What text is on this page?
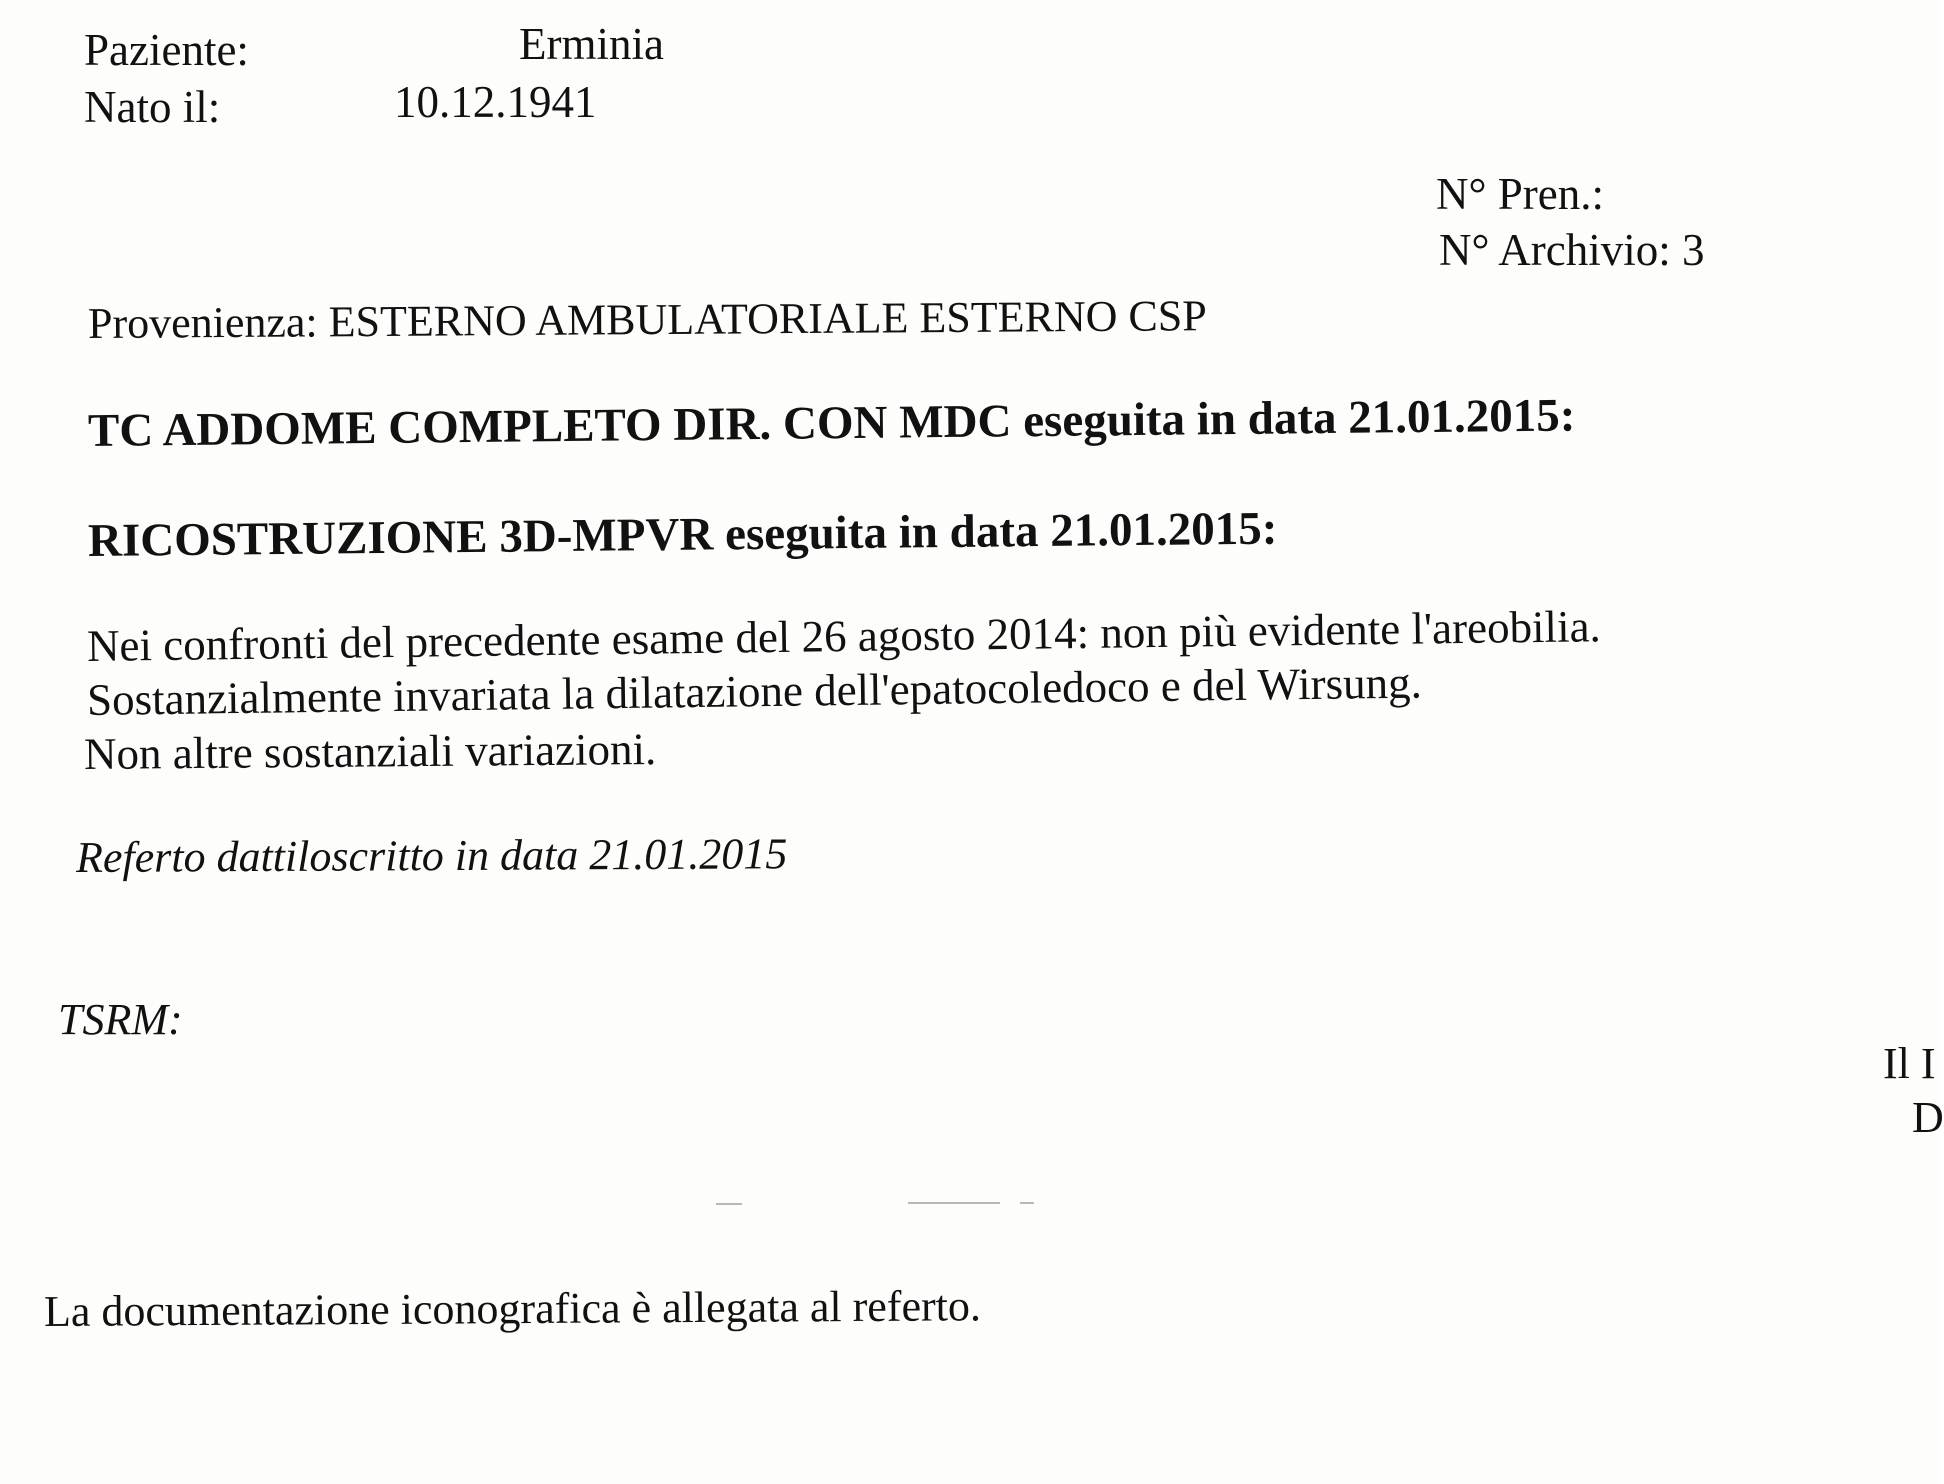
Paziente:	Erminia
Nato il:	10.12.1941
N° Pren.:
N° Archivio: 3
Provenienza: ESTERNO AMBULATORIALE ESTERNO CSP
TC ADDOME COMPLETO DIR. CON MDC eseguita in data 21.01.2015:
RICOSTRUZIONE 3D-MPVR eseguita in data 21.01.2015:
Nei confronti del precedente esame del 26 agosto 2014: non più evidente l'areobilia.
Sostanzialmente invariata la dilatazione dell'epatocoledoco e del Wirsung.
Non altre sostanziali variazioni.
Referto dattiloscritto in data 21.01.2015
TSRM:
Il I
D
La documentazione iconografica è allegata al referto.
